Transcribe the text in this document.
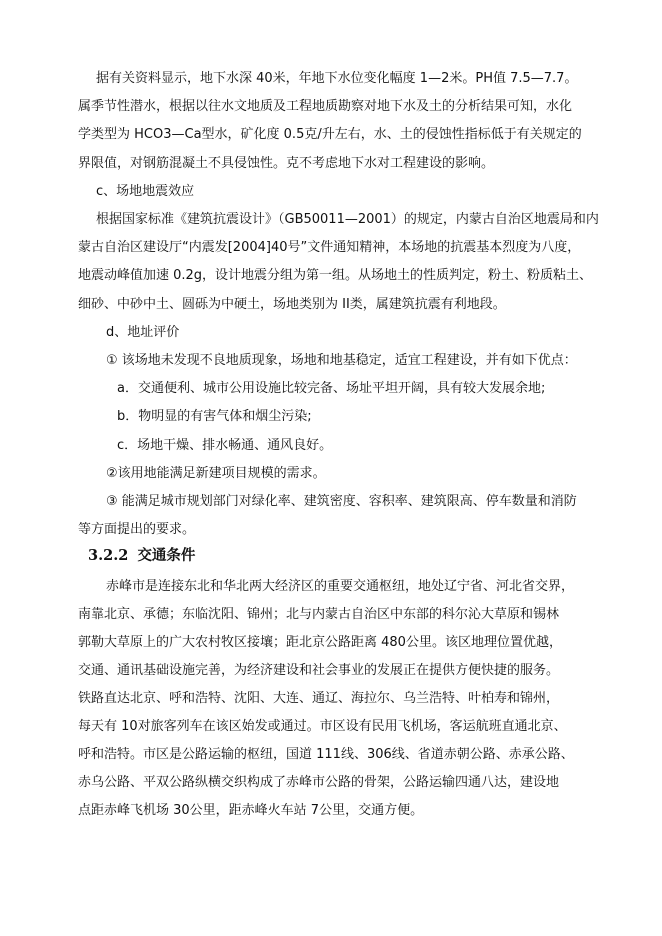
据有关资料显示，地下水深 40米，年地下水位变化幅度 1—2米。PH值 7.5—7.7。
属季节性潜水，根据以往水文地质及工程地质勘察对地下水及土的分析结果可知，水化
学类型为 HCO3—Ca型水，矿化度 0.5克/升左右，水、土的侵蚀性指标低于有关规定的
界限值，对钢筋混凝土不具侵蚀性。克不考虑地下水对工程建设的影响。
c、场地地震效应
根据国家标准《建筑抗震设计》（GB50011—2001）的规定，内蒙古自治区地震局和内
蒙古自治区建设厅“内震发[2004]40号”文件通知精神，本场地的抗震基本烈度为八度，
地震动峰值加速 0.2g，设计地震分组为第一组。从场地土的性质判定，粉土、粉质粘土、
细砂、中砂中土、圆砾为中硬土，场地类别为 II类，属建筑抗震有利地段。
d、地址评价
① 该场地未发现不良地质现象，场地和地基稳定，适宜工程建设，并有如下优点：
a．交通便利、城市公用设施比较完备、场址平坦开阔，具有较大发展余地;
b．物明显的有害气体和烟尘污染;
c．场地干燥、排水畅通、通风良好。
②该用地能满足新建项目规模的需求。
③ 能满足城市规划部门对绿化率、建筑密度、容积率、建筑限高、停车数量和消防
等方面提出的要求。
3.2.2 交通条件
赤峰市是连接东北和华北两大经济区的重要交通枢纽，地处辽宁省、河北省交界，
南靠北京、承德；东临沈阳、锦州；北与内蒙古自治区中东部的科尔沁大草原和锡林
郭勒大草原上的广大农村牧区接壤；距北京公路距离 480公里。该区地理位置优越，
交通、通讯基础设施完善，为经济建设和社会事业的发展正在提供方便快捷的服务。
铁路直达北京、呼和浩特、沈阳、大连、通辽、海拉尔、乌兰浩特、叶柏寿和锦州，
每天有 10对旅客列车在该区始发或通过。市区设有民用飞机场，客运航班直通北京、
呼和浩特。市区是公路运输的枢纽，国道 111线、306线、省道赤朝公路、赤承公路、
赤乌公路、平双公路纵横交织构成了赤峰市公路的骨架，公路运输四通八达，建设地
点距赤峰飞机场 30公里，距赤峰火车站 7公里，交通方便。
